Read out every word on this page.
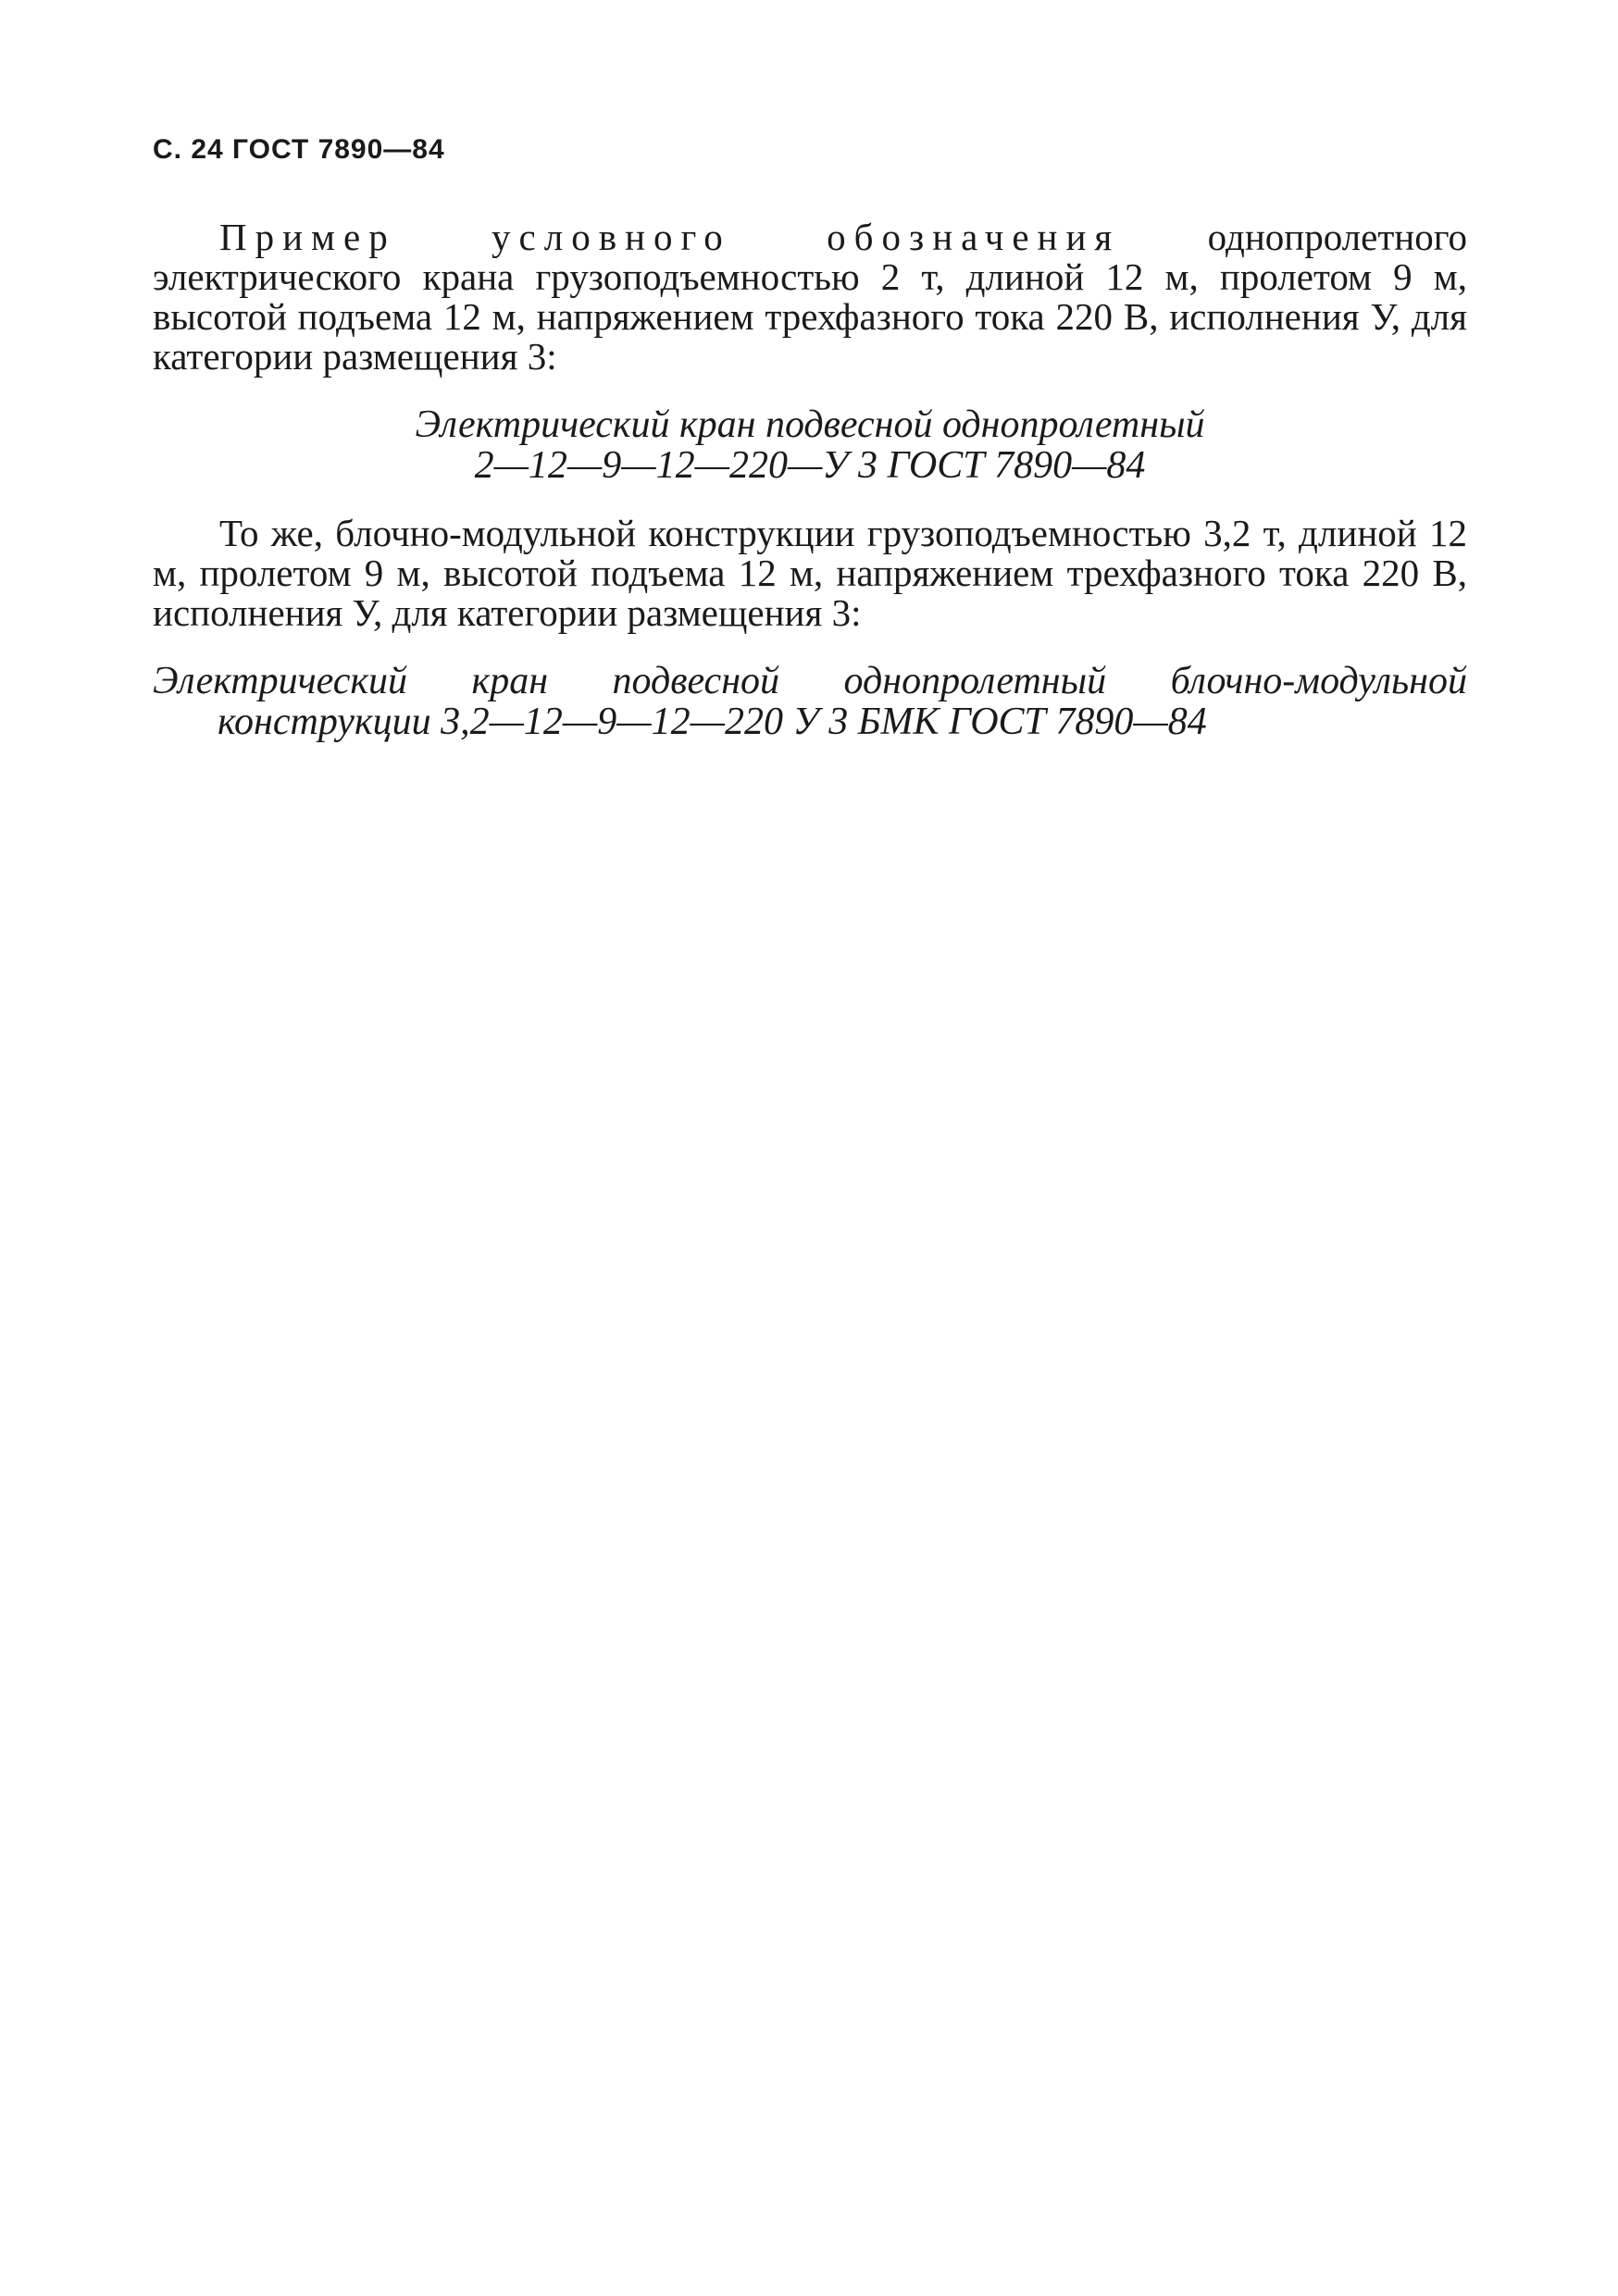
С. 24 ГОСТ 7890—84

Пример условного обозначения однопролетного электрического крана грузоподъемностью 2 т, длиной 12 м, пролетом 9 м, высотой подъема 12 м, напряжением трехфазного тока 220 В, исполнения У, для категории размещения 3:

Электрический кран подвесной однопролетный
2—12—9—12—220—У 3 ГОСТ 7890—84

То же, блочно-модульной конструкции грузоподъемностью 3,2 т, длиной 12 м, пролетом 9 м, высотой подъема 12 м, напряжением трехфазного тока 220 В, исполнения У, для категории размещения 3:

Электрический кран подвесной однопролетный блочно-модульной
конструкции 3,2—12—9—12—220 У 3 БМК ГОСТ 7890—84
